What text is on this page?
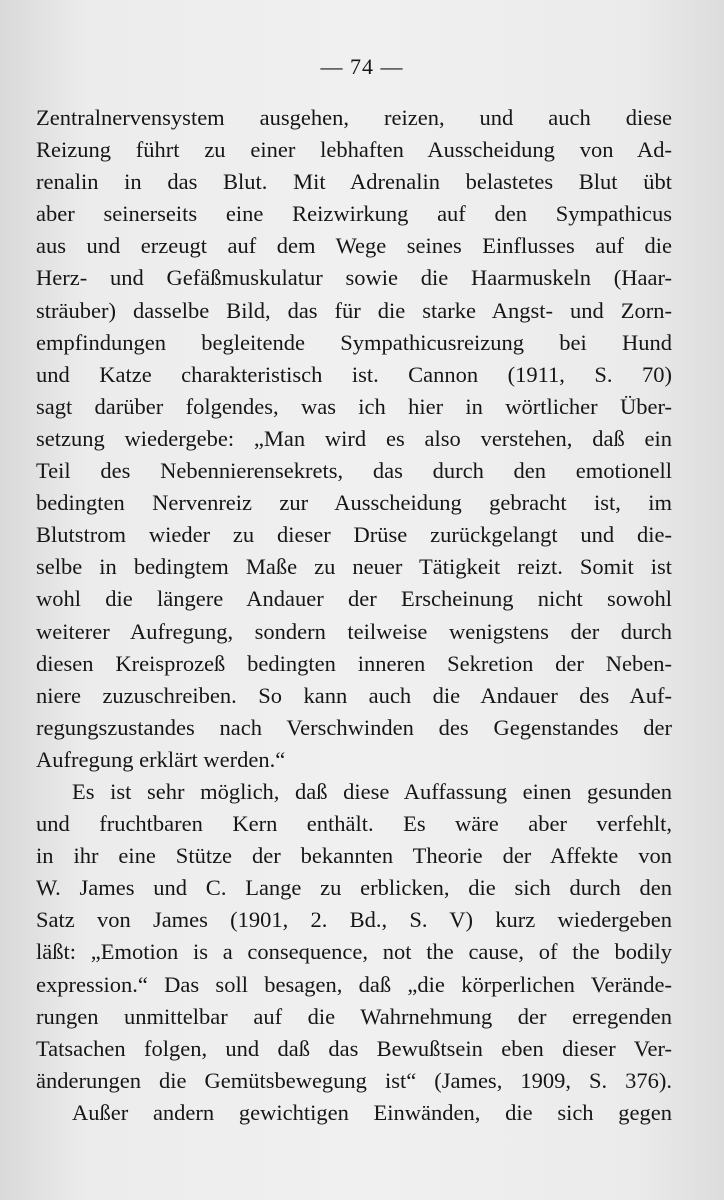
— 74 —
Zentralnervensystem ausgehen, reizen, und auch diese
Reizung führt zu einer lebhaften Ausscheidung von Ad-
renalin in das Blut. Mit Adrenalin belastetes Blut übt
aber seinerseits eine Reizwirkung auf den Sympathicus
aus und erzeugt auf dem Wege seines Einflusses auf die
Herz- und Gefäßmuskulatur sowie die Haarmuskeln (Haar-
sträuber) dasselbe Bild, das für die starke Angst- und Zorn-
empfindungen begleitende Sympathicusreizung bei Hund
und Katze charakteristisch ist. Cannon (1911, S. 70)
sagt darüber folgendes, was ich hier in wörtlicher Über-
setzung wiedergebe: „Man wird es also verstehen, daß ein
Teil des Nebennierensekrets, das durch den emotionell
bedingten Nervenreiz zur Ausscheidung gebracht ist, im
Blutstrom wieder zu dieser Drüse zurückgelangt und die-
selbe in bedingtem Maße zu neuer Tätigkeit reizt. Somit ist
wohl die längere Andauer der Erscheinung nicht sowohl
weiterer Aufregung, sondern teilweise wenigstens der durch
diesen Kreisprozeß bedingten inneren Sekretion der Neben-
niere zuzuschreiben. So kann auch die Andauer des Auf-
regungszustandes nach Verschwinden des Gegenstandes der
Aufregung erklärt werden.“
Es ist sehr möglich, daß diese Auffassung einen gesunden
und fruchtbaren Kern enthält. Es wäre aber verfehlt,
in ihr eine Stütze der bekannten Theorie der Affekte von
W. James und C. Lange zu erblicken, die sich durch den
Satz von James (1901, 2. Bd., S. V) kurz wiedergeben
läßt: „Emotion is a consequence, not the cause, of the bodily
expression.“ Das soll besagen, daß „die körperlichen Verände-
rungen unmittelbar auf die Wahrnehmung der erregenden
Tatsachen folgen, und daß das Bewußtsein eben dieser Ver-
änderungen die Gemütsbewegung ist“ (James, 1909, S. 376).
Außer andern gewichtigen Einwänden, die sich gegen
